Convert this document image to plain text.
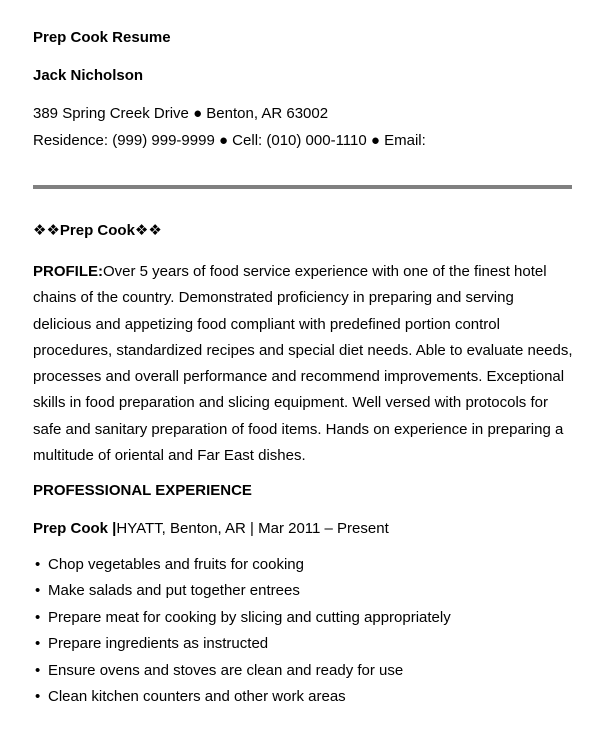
Prep Cook Resume
Jack Nicholson
389 Spring Creek Drive ● Benton, AR 63002
Residence: (999) 999-9999 ● Cell: (010) 000-1110 ● Email:
❖❖Prep Cook❖❖
PROFILE:Over 5 years of food service experience with one of the finest hotel chains of the country. Demonstrated proficiency in preparing and serving delicious and appetizing food compliant with predefined portion control procedures, standardized recipes and special diet needs. Able to evaluate needs, processes and overall performance and recommend improvements. Exceptional skills in food preparation and slicing equipment. Well versed with protocols for safe and sanitary preparation of food items. Hands on experience in preparing a multitude of oriental and Far East dishes.
PROFESSIONAL EXPERIENCE
Prep Cook |HYATT, Benton, AR | Mar 2011 – Present
• Chop vegetables and fruits for cooking
• Make salads and put together entrees
• Prepare meat for cooking by slicing and cutting appropriately
• Prepare ingredients as instructed
• Ensure ovens and stoves are clean and ready for use
• Clean kitchen counters and other work areas
